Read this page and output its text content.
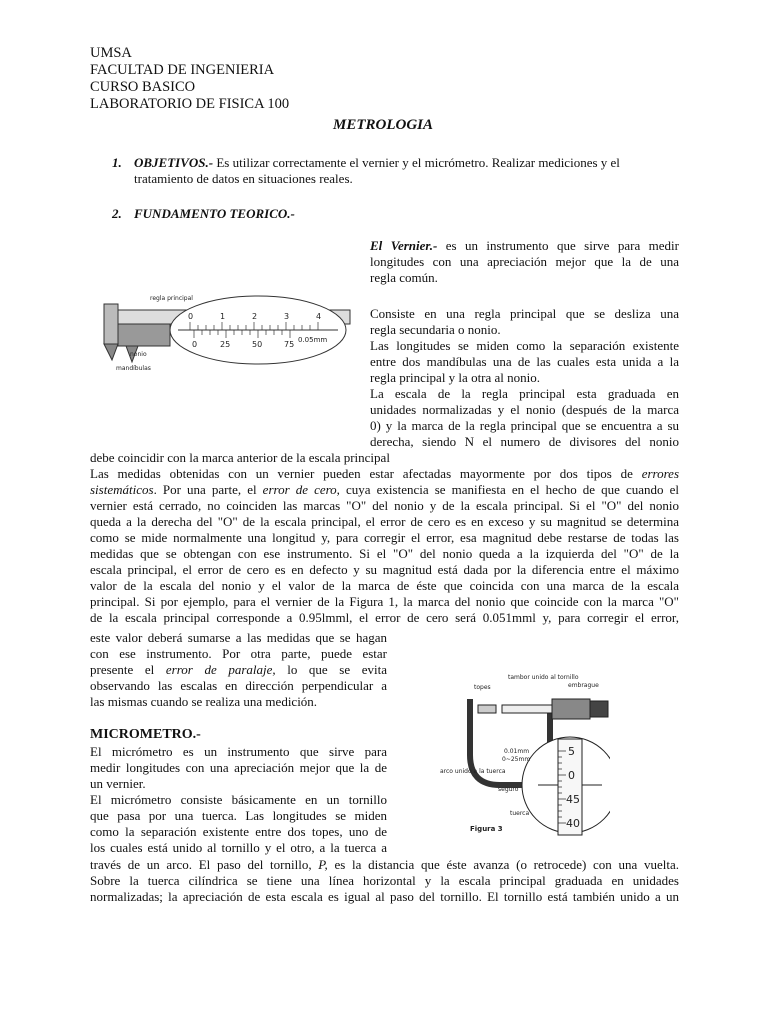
UMSA
FACULTAD DE INGENIERIA
CURSO BASICO
LABORATORIO DE FISICA 100
METROLOGIA
1. OBJETIVOS.- Es utilizar correctamente el vernier y el micrómetro. Realizar mediciones y el
tratamiento de datos en situaciones reales.
2. FUNDAMENTO TEORICO.-
0	1	2	3	4
0	25	50	75 0.05mm
regla principal
nonio
mandíbulas

El Vernier.- es un instrumento que sirve para medir

longitudes con una apreciación mejor que la de una

regla común.

Consiste en una regla principal que se desliza una

regla secundaria o nonio.

Las longitudes se miden como la separación existente

entre dos mandíbulas una de las cuales esta unida a la

regla principal y la otra al nonio.

La escala de la regla principal esta graduada en

unidades normalizadas y el nonio (después de la marca

0) y la marca de la regla principal que se encuentra a su

derecha, siendo N el numero de divisores del nonio

debe coincidir con la marca anterior de la escala principal

Las medidas obtenidas con un vernier pueden estar afectadas mayormente por dos tipos de errores

sistemáticos. Por una parte, el error de cero, cuya existencia se manifiesta en el hecho de que cuando el

vernier está cerrado, no coinciden las marcas "O" del nonio y de la escala principal. Si el "O" del nonio

queda a la derecha del "O" de la escala principal, el error de cero es en exceso y su magnitud se determina

como se mide normalmente una longitud y, para corregir el error, esa magnitud debe restarse de todas las

medidas que se obtengan con ese instrumento. Si el "O" del nonio queda a la izquierda del "O" de la

escala principal, el error de cero es en defecto y su magnitud está dada por la diferencia entre el máximo

valor de la escala del nonio y el valor de la marca de éste que coincida con una marca de la escala

principal. Si por ejemplo, para el vernier de la Figura 1, la marca del nonio que coincide con la marca "O"

de la escala principal corresponde a 0.95lmml, el error de cero será 0.051mml y, para corregir el error,

este valor deberá sumarse a las medidas que se hagan

con ese instrumento. Por otra parte, puede estar

presente el error de paralaje, lo que se evita

observando las escalas en dirección perpendicular a

las mismas cuando se realiza una medición.

MICROMETRO.-

El micrómetro es un instrumento que sirve para

medir longitudes con una apreciación mejor que la de

un vernier.

El micrómetro consiste básicamente en un tornillo

que pasa por una tuerca. Las longitudes se miden

como la separación existente entre dos topes, uno de

los cuales está unido al tornillo y el otro, a la tuerca a

través de un arco. El paso del tornillo, P, es la distancia que éste avanza (o retrocede) con una vuelta.

Sobre la tuerca cilíndrica se tiene una línea horizontal y la escala principal graduada en unidades

normalizadas; la apreciación de esta escala es igual al paso del tornillo. El tornillo está también unido a un

5
0
45
40
0.01mm
0~25mm
topes
tambor unido al tornillo
embrague
arco unido a la tuerca
seguro
tuerca
Figura 3
